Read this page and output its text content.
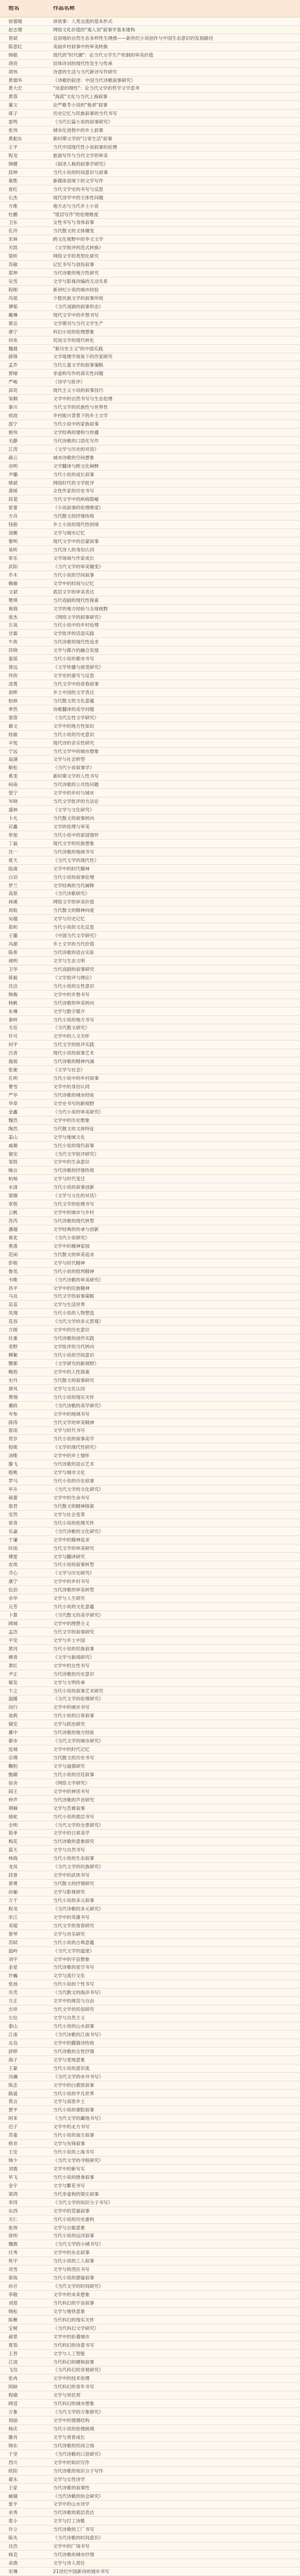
姓名	作品名称
徐德瑞	讲故事：人类交流的基本形式
赵志增	网络文化价值的"观人说"叙事学基本建构
曾斌	宜居地的自然生态多样性生理感——新世纪小说创作与中国生态意识的发展路径
陈思红	美丽乡村叙事中的审美转换
韩敏	现代的"时代潮"：论当代文学生产机制的审美价值
胡亮	旧体诗词的现代性发生与传承
胡伟	诗意的生活与当代新诗写作研究
黄德华	《诗歌的叙述：中国当代诗歌叙事研究》
黄大宏	"诗意的理性"：论当代文学的哲学文学思考
黄蓉	"海派"文化与当代上海叙事
董文	论严歌苓小说的"他者"叙事
蒋子	历史记忆与民族叙事的当代书写
雷鸣	《当代长篇小说的叙事研究》
张伟	城市化进程中的乡土叙事
黄振东	新时期文学的"日常生活"叙事
王平	当代中国现代性小说叙事的伦理
程龙	旅游写作与当代文学的审美
韩健	《叙述人称的叙事学研究》
段坤	当代小说的时间意识与叙事
葛胜	新媒体语境下的文学写作
崔红	当代文学史的书写与反思
石杰	现代诗学中的主体性问题
方维	地方志与当代乡土小说
杜鹏	"底层写作"的伦理维度
卫东	女性书写与身体叙事
孔玲	当代散文的文体嬗变
宋林	跨文化视野中的华文文学
关凯	《文学批评的范式转换》
梁昕	网络文学的类型化研究
苏敏	记忆书写与创伤叙事
郑坤	当代诗歌的地方性研究
吴雪	文学与影视改编的互动关系
程刚	新世纪小说的城市经验
冯瑶	少数民族文学的叙事传统
谭韬	《当代戏剧的叙事形态》
戴琳	现代文学中的乡愁书写
蔡岳	文学期刊与当代文学生产
唐宁	科幻小说的伦理想象
何欢	民间文学的现代转化
魏晨	"新历史主义"的中国实践
薛锋	文学地理学视角下的作家研究
孟乔	当代儿童文学的叙事策略
贾晴	非虚构写作的真实性问题
严峻	《诗学与批评》
邱亮	现代主义小说的叙事技巧
邹桐	文学中的自然书写与生态伦理
秦川	当代文学的民族性与世界性
侯波	乡村振兴背景下的乡土文学
邵宁	当代小说中的家族叙事
熊伟	文学经典的建构与传播
毛静	当代诗歌的口语化写作
江涛	《文学与历史的对话》
郝云	城市诗歌的空间想象
谷明	文学翻译与跨文化阐释
尹璐	当代小说的成长叙事
姚斌	网络时代的文学批评
龚媛	女性作家的历史书写
段斐	当代文学中的疾病隐喻
雷蕾	《小说叙事的伦理维度》
方舟	当代散文的抒情传统
钱程	乡土小说的现代性困境
汤姗	文学与城市记忆
黎明	现代文学中的启蒙叙事
易昕	当代诗人的身份认同
常乐	文学场域与作家成长
武阳	《当代文学的审美嬗变》
乔木	当代小说的空间叙事
赖薇	文学中的时间与记忆
文斌	底层文学的审美表达
樊琪	当代戏剧的现代性探索
葛瑞	文学的地方经验与全球视野
庞杰	《网络文学的叙事研究》
左岚	当代小说中的乡村伦理
甘霖	文学批评的话语实践
牛犇	当代诗歌的现代性追求
符晓	文学与媒介的融合发展
童瑶	当代小说的都市书写
聂远	《文学传播与接受研究》
佟欣	文学史的重写与反思
凌霄	当代文学中的青春叙事
俞晖	乡土中国的文学表达
柏林	当代散文的文化意蕴
季然	诗歌翻译的美学问题
窦蓉	《当代女性文学研究》
蔺文	文学中的地方性知识
桂敏	当代小说的历史意识
辛悦	现代诗的音乐性研究
宁远	当代文学中的城市想象
翁涵	文学与社会转型
靳松	《当代小说叙事学》
奚雯	新时期文学的人性书写
柯南	当代诗歌的公共性问题
管宁	文学中的乡村与城市
岑晓	当代文学批评的方法论
盛林	《文学与文化研究》
卜凡	当代散文的叙事转向
应鑫	文学的伦理与审美
单旭	当代小说中的家国情怀
丁磊	现代文学的民族想象
沈一	当代诗歌的地域书写
夏天	《当代文学的现代性》
陆离	文学中的时代精神
白羽	当代小说的叙事伦理
罗兰	文学经典的当代阐释
高原	《当代诗歌研究》
林溪	网络文学的审美价值
周航	当代散文的精神向度
吴越	文学与历史记忆
郑和	当代小说的文化反思
王璐	《中国当代文学研究》
冯源	乡土文学的当代价值
陈希	当代诗歌的语言实验
褚明	文学与生态文明
卫华	当代戏剧的叙事研究
蒋毅	《文学批评与理论》
沈洁	当代小说的女性意识
韩梅	文学中的乡愁书写
杨帆	当代诗歌的审美转向
朱琳	文学与数字媒介
秦岭	当代小说的地方书写
尤佳	《当代散文研究》
许可	文学中的人文关怀
何平	当代文学的批评实践
吕青	现代小说的叙事艺术
施展	当代诗歌的精神内涵
张驰	《文学与社会》
孔明	当代小说中的乡村叙事
曹雪	文学中的身份认同
严华	当代诗歌的城市经验
华章	文学史书写的新视野
金鑫	《当代小说的审美研究》
魏然	文学中的历史想象
陶然	当代散文的文体特征
姜山	文学与地域文化
戚薇	当代小说的现代叙事
谢安	《当代文学批评研究》
邹凯	文学中的生命意识
喻言	当代诗歌的抒情传统
柏杨	文学与时代变迁
水清	当代小说的叙事创新
窦娥	《文学与文化的对话》
章程	当代文学的伦理书写
云帆	文学中的城市与乡村
苏芮	当代诗歌的现代转型
潘越	文学经典的传承与创新
葛优	《当代小说研究》
奚落	文学中的精神家园
范闲	当代散文的审美追求
彭程	文学与时代精神
鲁迅	当代小说的批判精神
韦唯	《当代诗歌的审美研究》
昌平	文学中的民族精神
马良	当代文学的叙事策略
苗苗	文学与生活世界
凤翔	当代小说的人物塑造
花容	《当代文学的多元景观》
方圆	文学中的历史意识
任重	当代诗歌的创作实践
袁野	文学批评的当代转向
柳絮	当代小说的空间意识
酆都	《文学研究的新视野》
鲍勃	文学中的人性探索
史丹	当代散文的叙事研究
唐风	文学与文化认同
费翔	当代小说的现实关怀
廉政	《当代诗歌的美学研究》
岑参	文学中的地域书写
薛涛	当代文学的审美精神
雷雨	文学与时代书写
贺岁	当代小说的叙事美学
倪妮	《文学的现代性研究》
汤唯	文学中的乡土情怀
滕飞	当代诗歌的语言艺术
殷桃	文学与城市文化
罗马	当代小说的历史叙事
毕升	《当代文学的文化研究》
郝蕾	文学中的生命书写
邬君	当代散文的精神探索
安然	文学与社会变革
常青	当代小说的伦理关怀
乐嘉	《当代诗歌的文化研究》
于谦	文学中的精神追求
时雨	当代文学的审美研究
傅雷	文学与翻译研究
皮埃	当代小说的叙事转型
齐心	《文学与历史研究》
康宁	文学中的乡村书写
伍佰	当代诗歌的审美转型
余华	文学与人生研究
元芳	当代小说的文化意蕴
卜算	《当代散文的美学研究》
顾城	文学中的理想主义
孟浩	当代文学的叙事研究
平安	文学与乡土中国
黄河	当代小说的民族叙事
穆青	《文学与新闻研究》
萧红	文学中的女性书写
尹正	当代诗歌的历史意识
姬发	文学与文明传承
卞之	当代小说的叙事艺术研究
温暖	《当代文学的伦理研究》
闵行	文学中的城市书写
池莉	当代小说的日常叙事
储安	文学与政治研究
冀中	当代诗歌的地方经验
都市	《当代文学的城市研究》
连城	文学中的时代记忆
宗璞	当代散文的历史书写
鞠躬	文学与道德研究
甄嬛	当代小说的宫廷叙事
宿舍	《网络文学研究》
阎王	文学中的神话书写
钟声	当代诗歌的声音研究
荆棘	文学与苦难叙事
骆驼	当代小说的底层书写
全明	《当代文学的全景研究》
简单	文学中的日常美学
梅花	当代诗歌的意象研究
蓝天	文学与自然书写
林海	当代小说的生态叙事
龙凤	《当代文学的民族研究》
段誉	文学中的武侠书写
裴勇	当代散文的抒情研究
孙俪	文学与影视研究
万千	当代小说的多元叙事
程龙	《当代诗歌的多元研究》
宋江	文学中的英雄书写
邓超	当代文学的青春研究
蔡琴	文学与音乐研究
苏轼	当代小说的古典意蕴
温岭	《当代文学的温度》
刘宇	文学中的宇宙想象
金星	当代诗歌的星空书写
许巍	文学与流行文化
张扬	当代小说的个性书写
贝壳	《当代散文的海洋书写》
方正	文学中的规范与自由
吉祥	当代文学的民俗研究
左拉	文学与自然主义
泰山	当代小说的山水叙事
江南	《当代诗歌的江南书写》
北岛	文学中的朦胧诗传统
舒婷	当代诗歌的女性抒情
海子	文学与麦地意象
王蒙	当代小说的意识流
冯骥	《当代文学的市井书写》
陈忠	文学中的白鹿原叙事
路遥	当代小说的平凡世界
莫言	文学与高密乡土
贾平	当代小说的秦腔叙事
阿来	《当代文学的藏地书写》
迟子	文学中的北方书写
苏童	当代小说的南方叙事
格非	文学与先锋叙事
王安	当代小说的上海书写
韩少	《当代文学的寻根研究》
刘震	文学中的新写实
毕飞	当代小说的推拿叙事
金宇	文学与繁花书写
梁鸿	当代非虚构的梁庄叙事
李洱	《当代文学的知识分子书写》
东西	文学中的荒诞叙事
关仁	当代小说的历史重构
张炜	文学与古船意象
徐则	当代小说的运河叙事
魏微	《当代文学的小城书写》
付秀	文学中的东北叙事
班宇	当代小说的工人叙事
双雪	文学与铁西区书写
郑执	当代小说的悬疑叙事
孙甘	《当代文学的时间研究》
李敬	文学中的未来想象
刘慈	当代科幻的宇宙叙事
韩松	文学与地铁意象
陈楸	当代科幻的现实关怀
宝树	《当代科幻文学研究》
郝景	文学中的折叠城市
夏笳	当代科幻的诗意书写
王晋	文学与人工智能
江波	当代科幻的硬核叙事
飞氘	《当代科幻的奇观研究》
张冉	文学中的技术伦理
阿缺	当代科幻的青年书写
程婧	文学与异托邦
顾适	当代科幻的城市想象
万象	《当代文学的万象研究》
周丽	文学中的情感结构
杨庆	当代小说的伦理困境
滕肖	文学与青春成长
韩东	当代诗歌的民间立场
于坚	《当代诗歌的口语研究》
西川	文学中的知识写作
欧阳	当代诗歌的知识分子写作
翟永	文学与女性诗学
王家	当代诗歌的叙事性
臧棣	《当代诗歌的协会研究》
雷平	文学中的山水诗学
余秀	当代诗歌的底层表达
郑小	文学与打工诗歌
许立	当代诗歌的工厂书写
陈先	《当代诗歌的时间意识》
沈浩	文学中的广场书写
杨克	当代诗歌的城市抒情
朵渔	文学与诗人责任
宋琳	21世纪中国新诗的城市书写
